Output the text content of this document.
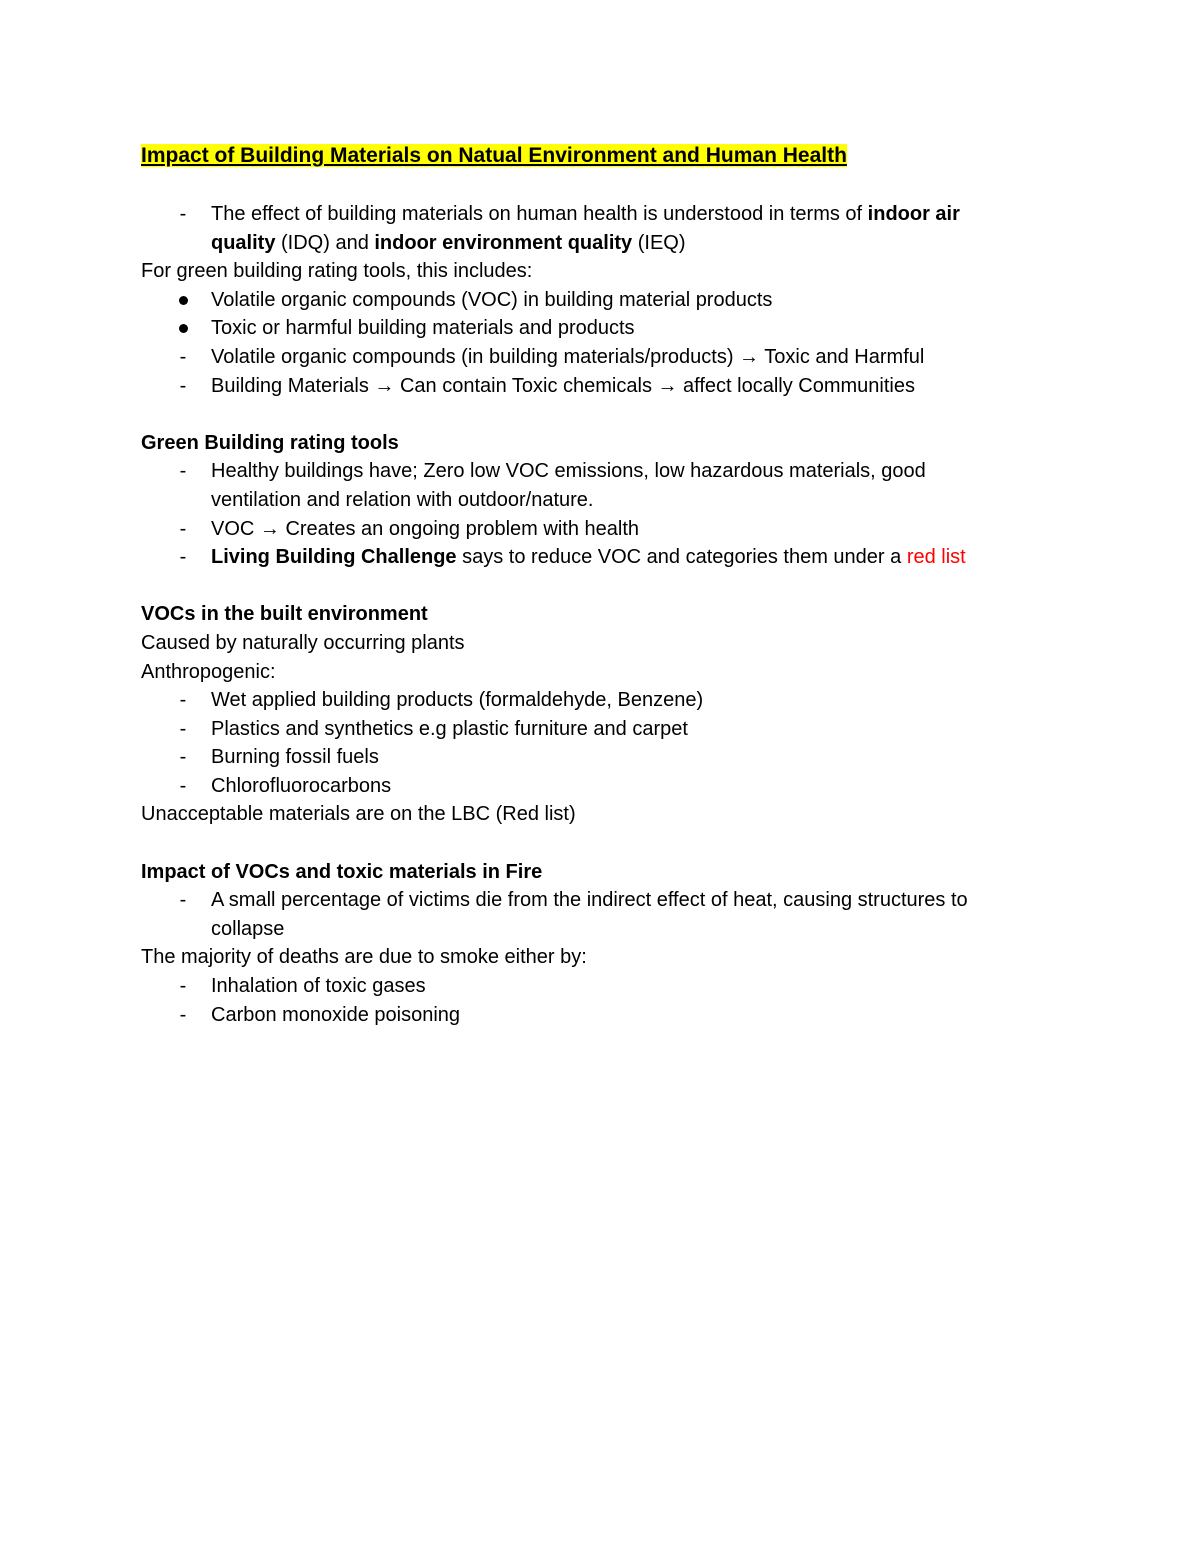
Impact of Building Materials on Natual Environment and Human Health
-
The effect of building materials on human health is understood in terms of indoor air
quality (IDQ) and indoor environment quality (IEQ)
For green building rating tools, this includes:
Volatile organic compounds (VOC) in building material products
Toxic or harmful building materials and products
-
Volatile organic compounds (in building materials/products) → Toxic and Harmful
-
Building Materials → Can contain Toxic chemicals → affect locally Communities
Green Building rating tools
-
Healthy buildings have; Zero low VOC emissions, low hazardous materials, good
ventilation and relation with outdoor/nature.
-
VOC → Creates an ongoing problem with health
-
Living Building Challenge says to reduce VOC and categories them under a red list
VOCs in the built environment
Caused by naturally occurring plants
Anthropogenic:
-
Wet applied building products (formaldehyde, Benzene)
-
Plastics and synthetics e.g plastic furniture and carpet
-
Burning fossil fuels
-
Chlorofluorocarbons
Unacceptable materials are on the LBC (Red list)
Impact of VOCs and toxic materials in Fire
-
A small percentage of victims die from the indirect effect of heat, causing structures to
collapse
The majority of deaths are due to smoke either by:
-
Inhalation of toxic gases
-
Carbon monoxide poisoning
